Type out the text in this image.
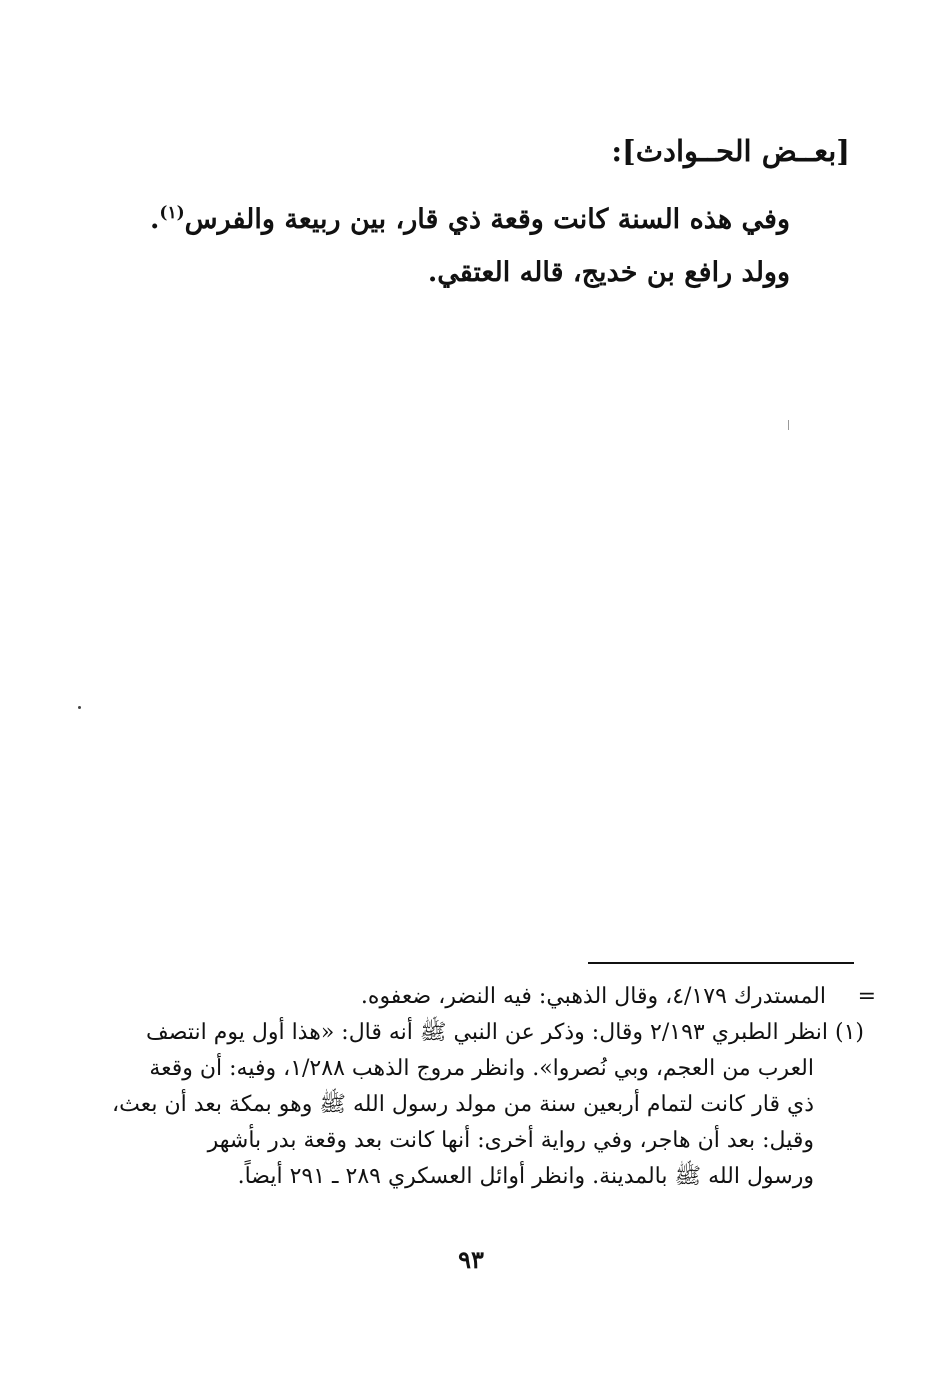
[بعــض الحــوادث]:
وفي هذه السنة كانت وقعة ذي قار، بين ربيعة والفرس$^{(١)}$.
وولد رافع بن خديج، قاله العتقي.
=المستدرك ٤/١٧٩، وقال الذهبي: فيه النضر، ضعفوه.
(١) انظر الطبري ٢/١٩٣ وقال: وذكر عن النبي ﷺ أنه قال: «هذا أول يوم انتصف
العرب من العجم، وبي نُصروا». وانظر مروج الذهب ١/٢٨٨، وفيه: أن وقعة
ذي قار كانت لتمام أربعين سنة من مولد رسول الله ﷺ وهو بمكة بعد أن بعث،
وقيل: بعد أن هاجر، وفي رواية أخرى: أنها كانت بعد وقعة بدر بأشهر
ورسول الله ﷺ بالمدينة. وانظر أوائل العسكري ٢٨٩ ـ ٢٩١ أيضاً.
٩٣
